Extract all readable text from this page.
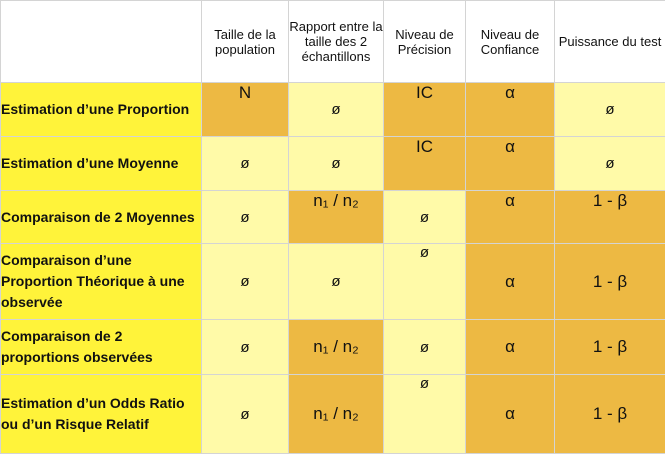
	Taille de la population	Rapport entre la taille des 2 échantillons	Niveau de Précision	Niveau de Confiance	Puissance du test
Estimation d’une Proportion	N	ø	IC	α	ø
Estimation d’une Moyenne	ø	ø	IC	α	ø
Comparaison de 2 Moyennes	ø	n₁ / n₂	ø	α	1 - β
Comparaison d’une Proportion Théorique à une observée	ø	ø	ø	α	1 - β
Comparaison de 2 proportions observées	ø	n₁ / n₂	ø	α	1 - β
Estimation d’un Odds Ratio ou d’un Risque Relatif	ø	n₁ / n₂	ø	α	1 - β
